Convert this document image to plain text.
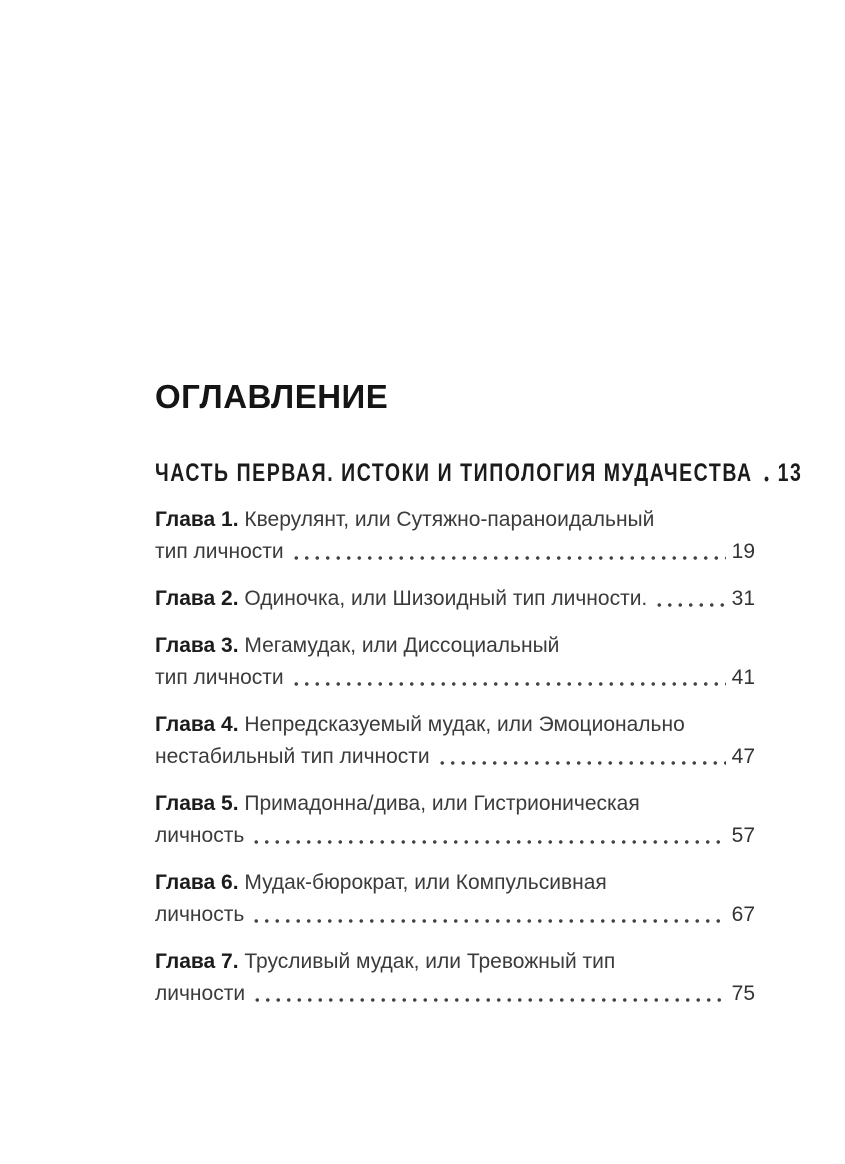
ОГЛАВЛЕНИЕ
ЧАСТЬ ПЕРВАЯ. ИСТОКИ И ТИПОЛОГИЯ МУДАЧЕСТВА 13
Глава 1. Кверулянт, или Сутяжно-параноидальный
тип личности	19
Глава 2. Одиночка, или Шизоидный тип личности.	31
Глава 3. Мегамудак, или Диссоциальный
тип личности	41
Глава 4. Непредсказуемый мудак, или Эмоционально
нестабильный тип личности	47
Глава 5. Примадонна/дива, или Гистрионическая
личность	57
Глава 6. Мудак-бюрократ, или Компульсивная
личность	67
Глава 7. Трусливый мудак, или Тревожный тип
личности	75
